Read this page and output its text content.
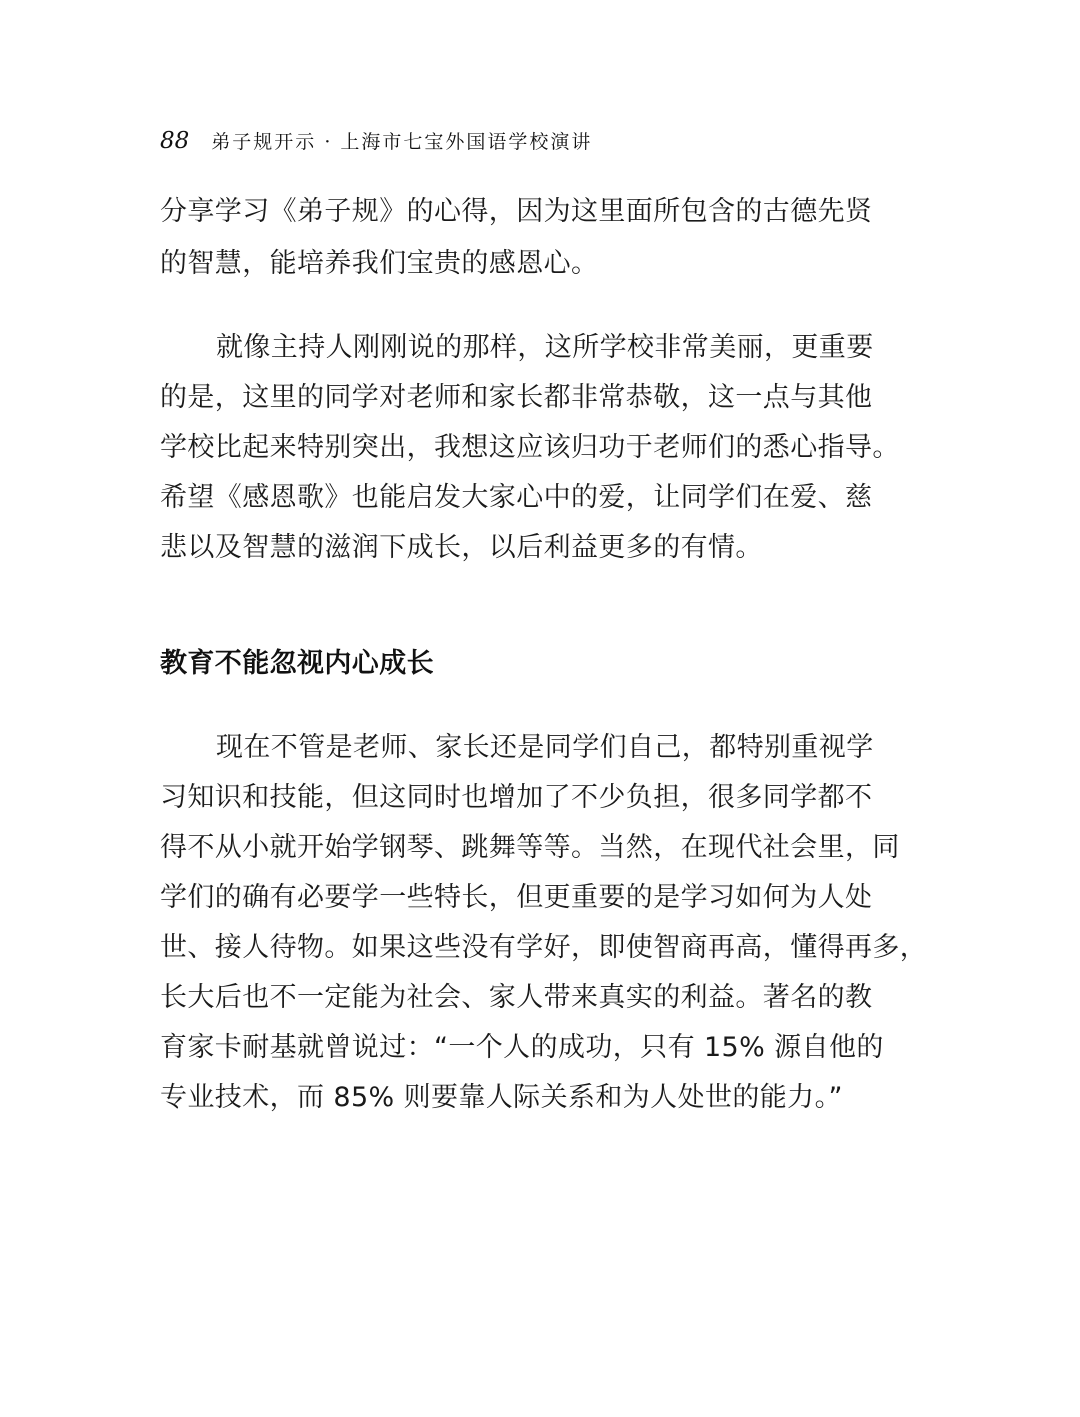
88 弟子规开示 · 上海市七宝外国语学校演讲
分享学习《弟子规》的心得，因为这里面所包含的古德先贤
的智慧，能培养我们宝贵的感恩心。
就像主持人刚刚说的那样，这所学校非常美丽，更重要
的是，这里的同学对老师和家长都非常恭敬，这一点与其他
学校比起来特别突出，我想这应该归功于老师们的悉心指导。
希望《感恩歌》也能启发大家心中的爱，让同学们在爱、慈
悲以及智慧的滋润下成长，以后利益更多的有情。
教育不能忽视内心成长
现在不管是老师、家长还是同学们自己，都特别重视学
习知识和技能，但这同时也增加了不少负担，很多同学都不
得不从小就开始学钢琴、跳舞等等。当然，在现代社会里，同
学们的确有必要学一些特长，但更重要的是学习如何为人处
世、接人待物。如果这些没有学好，即使智商再高，懂得再多，
长大后也不一定能为社会、家人带来真实的利益。著名的教
育家卡耐基就曾说过：“一个人的成功，只有 15% 源自他的
专业技术，而 85% 则要靠人际关系和为人处世的能力。”
